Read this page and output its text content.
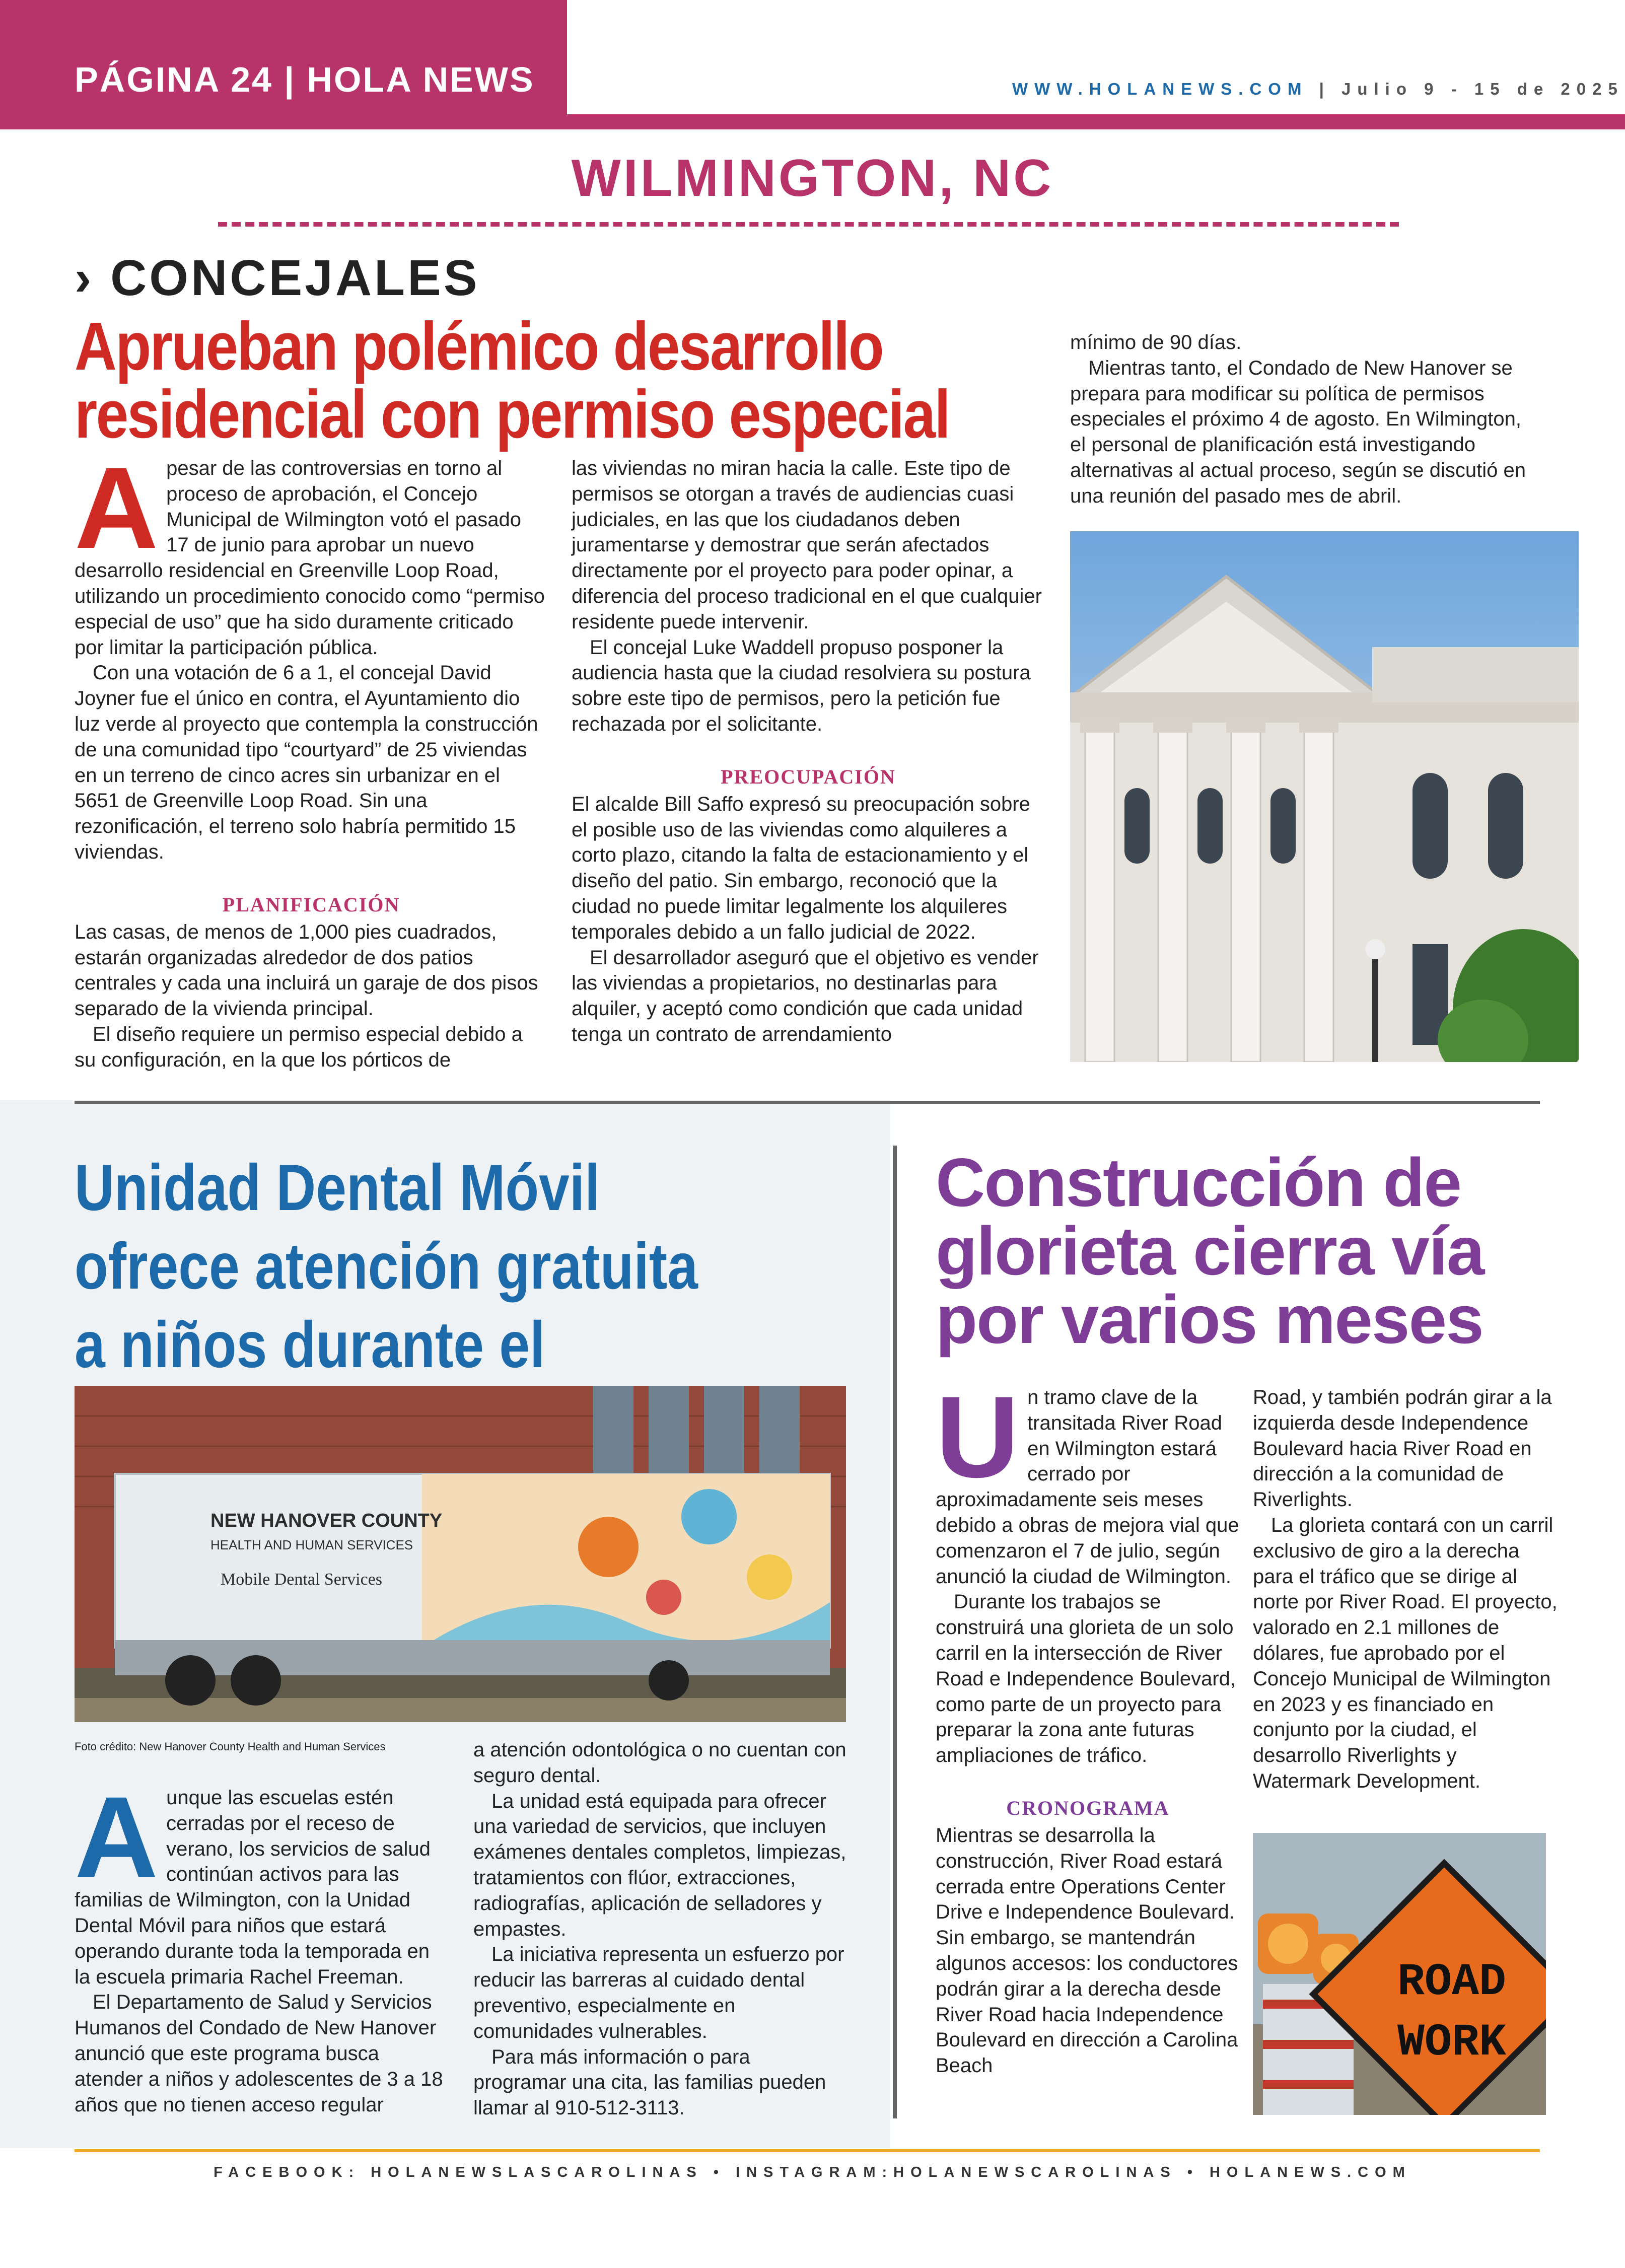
PÁGINA 24 | HOLA NEWS	WWW.HOLANEWS.COM | Julio 9 - 15 de 2025
WILMINGTON, NC
› CONCEJALES
Aprueban polémico desarrollo
residencial con permiso especial
A pesar de las controversias en torno al proceso de aprobación, el Concejo Municipal de Wilmington votó el pasado 17 de junio para aprobar un nuevo desarrollo residencial en Greenville Loop Road, utilizando un procedimiento conocido como “permiso especial de uso” que ha sido duramente criticado por limitar la participación pública.

Con una votación de 6 a 1, el concejal David Joyner fue el único en contra, el Ayuntamiento dio luz verde al proyecto que contempla la construcción de una comunidad tipo “courtyard” de 25 viviendas en un terreno de cinco acres sin urbanizar en el 5651 de Greenville Loop Road. Sin una rezonificación, el terreno solo habría permitido 15 viviendas.

PLANIFICACIÓN

Las casas, de menos de 1,000 pies cuadrados, estarán organizadas alrededor de dos patios centrales y cada una incluirá un garaje de dos pisos separado de la vivienda principal.

El diseño requiere un permiso especial debido a su configuración, en la que los pórticos de

las viviendas no miran hacia la calle. Este tipo de permisos se otorgan a través de audiencias cuasi judiciales, en las que los ciudadanos deben juramentarse y demostrar que serán afectados directamente por el proyecto para poder opinar, a diferencia del proceso tradicional en el que cualquier residente puede intervenir.

El concejal Luke Waddell propuso posponer la audiencia hasta que la ciudad resolviera su postura sobre este tipo de permisos, pero la petición fue rechazada por el solicitante.

PREOCUPACIÓN

El alcalde Bill Saffo expresó su preocupación sobre el posible uso de las viviendas como alquileres a corto plazo, citando la falta de estacionamiento y el diseño del patio. Sin embargo, reconoció que la ciudad no puede limitar legalmente los alquileres temporales debido a un fallo judicial de 2022.

El desarrollador aseguró que el objetivo es vender las viviendas a propietarios, no destinarlas para alquiler, y aceptó como condición que cada unidad tenga un contrato de arrendamiento

mínimo de 90 días.

Mientras tanto, el Condado de New Hanover se prepara para modificar su política de permisos especiales el próximo 4 de agosto. En Wilmington, el personal de planificación está investigando alternativas al actual proceso, según se discutió en una reunión del pasado mes de abril.

Unidad Dental Móvil ofrece atención gratuita a niños durante el
NEW HANOVER COUNTY
HEALTH AND HUMAN SERVICES
Mobile Dental Services
Foto crédito: New Hanover County Health and Human Services
A unque las escuelas estén cerradas por el receso de verano, los servicios de salud continúan activos para las familias de Wilmington, con la Unidad Dental Móvil para niños que estará operando durante toda la temporada en la escuela primaria Rachel Freeman.

El Departamento de Salud y Servicios Humanos del Condado de New Hanover anunció que este programa busca atender a niños y adolescentes de 3 a 18 años que no tienen acceso regular

a atención odontológica o no cuentan con seguro dental.

La unidad está equipada para ofrecer una variedad de servicios, que incluyen exámenes dentales completos, limpiezas, tratamientos con flúor, extracciones, radiografías, aplicación de selladores y empastes.

La iniciativa representa un esfuerzo por reducir las barreras al cuidado dental preventivo, especialmente en comunidades vulnerables.

Para más información o para programar una cita, las familias pueden llamar al 910-512-3113.

Construcción de glorieta cierra vía por varios meses
U n tramo clave de la transitada River Road en Wilmington estará cerrado por aproximadamente seis meses debido a obras de mejora vial que comenzaron el 7 de julio, según anunció la ciudad de Wilmington.

Durante los trabajos se construirá una glorieta de un solo carril en la intersección de River Road e Independence Boulevard, como parte de un proyecto para preparar la zona ante futuras ampliaciones de tráfico.

CRONOGRAMA

Mientras se desarrolla la construcción, River Road estará cerrada entre Operations Center Drive e Independence Boulevard. Sin embargo, se mantendrán algunos accesos: los conductores podrán girar a la derecha desde River Road hacia Independence Boulevard en dirección a Carolina Beach

Road, y también podrán girar a la izquierda desde Independence Boulevard hacia River Road en dirección a la comunidad de Riverlights.

La glorieta contará con un carril exclusivo de giro a la derecha para el tráfico que se dirige al norte por River Road. El proyecto, valorado en 2.1 millones de dólares, fue aprobado por el Concejo Municipal de Wilmington en 2023 y es financiado en conjunto por la ciudad, el desarrollo Riverlights y Watermark Development.

ROAD
WORK
FACEBOOK: HOLANEWSLASCAROLINAS • INSTAGRAM:HOLANEWSCAROLINAS • HOLANEWS.COM
